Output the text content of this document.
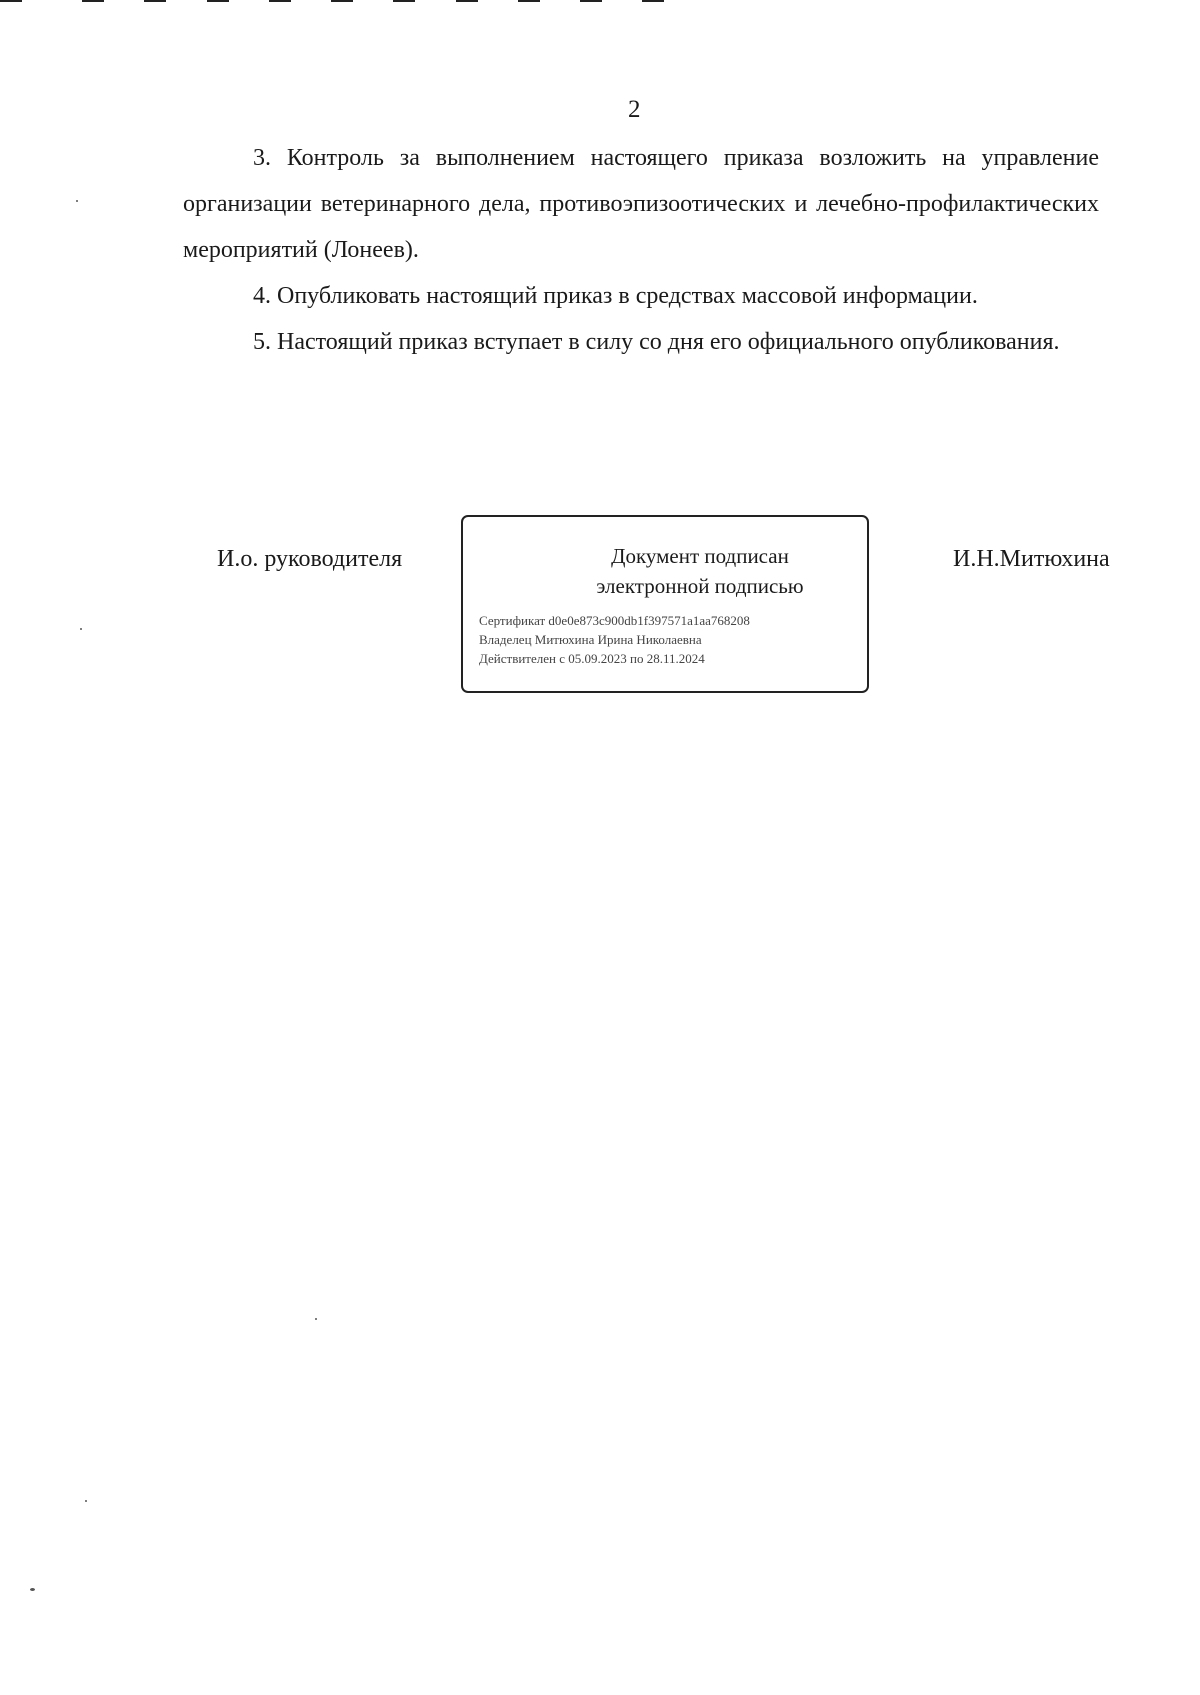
2

3. Контроль за выполнением настоящего приказа возложить на управление организации ветеринарного дела, противоэпизоотических и лечебно-профилактических мероприятий (Лонеев).

4. Опубликовать настоящий приказ в средствах массовой информации.

5. Настоящий приказ вступает в силу со дня его официального опубликования.

И.о. руководителя	Документ подписан
электронной подписью
Сертификат d0e0e873c900db1f397571a1aa768208
Владелец Митюхина Ирина Николаевна
Действителен с 05.09.2023 по 28.11.2024
И.Н.Митюхина
